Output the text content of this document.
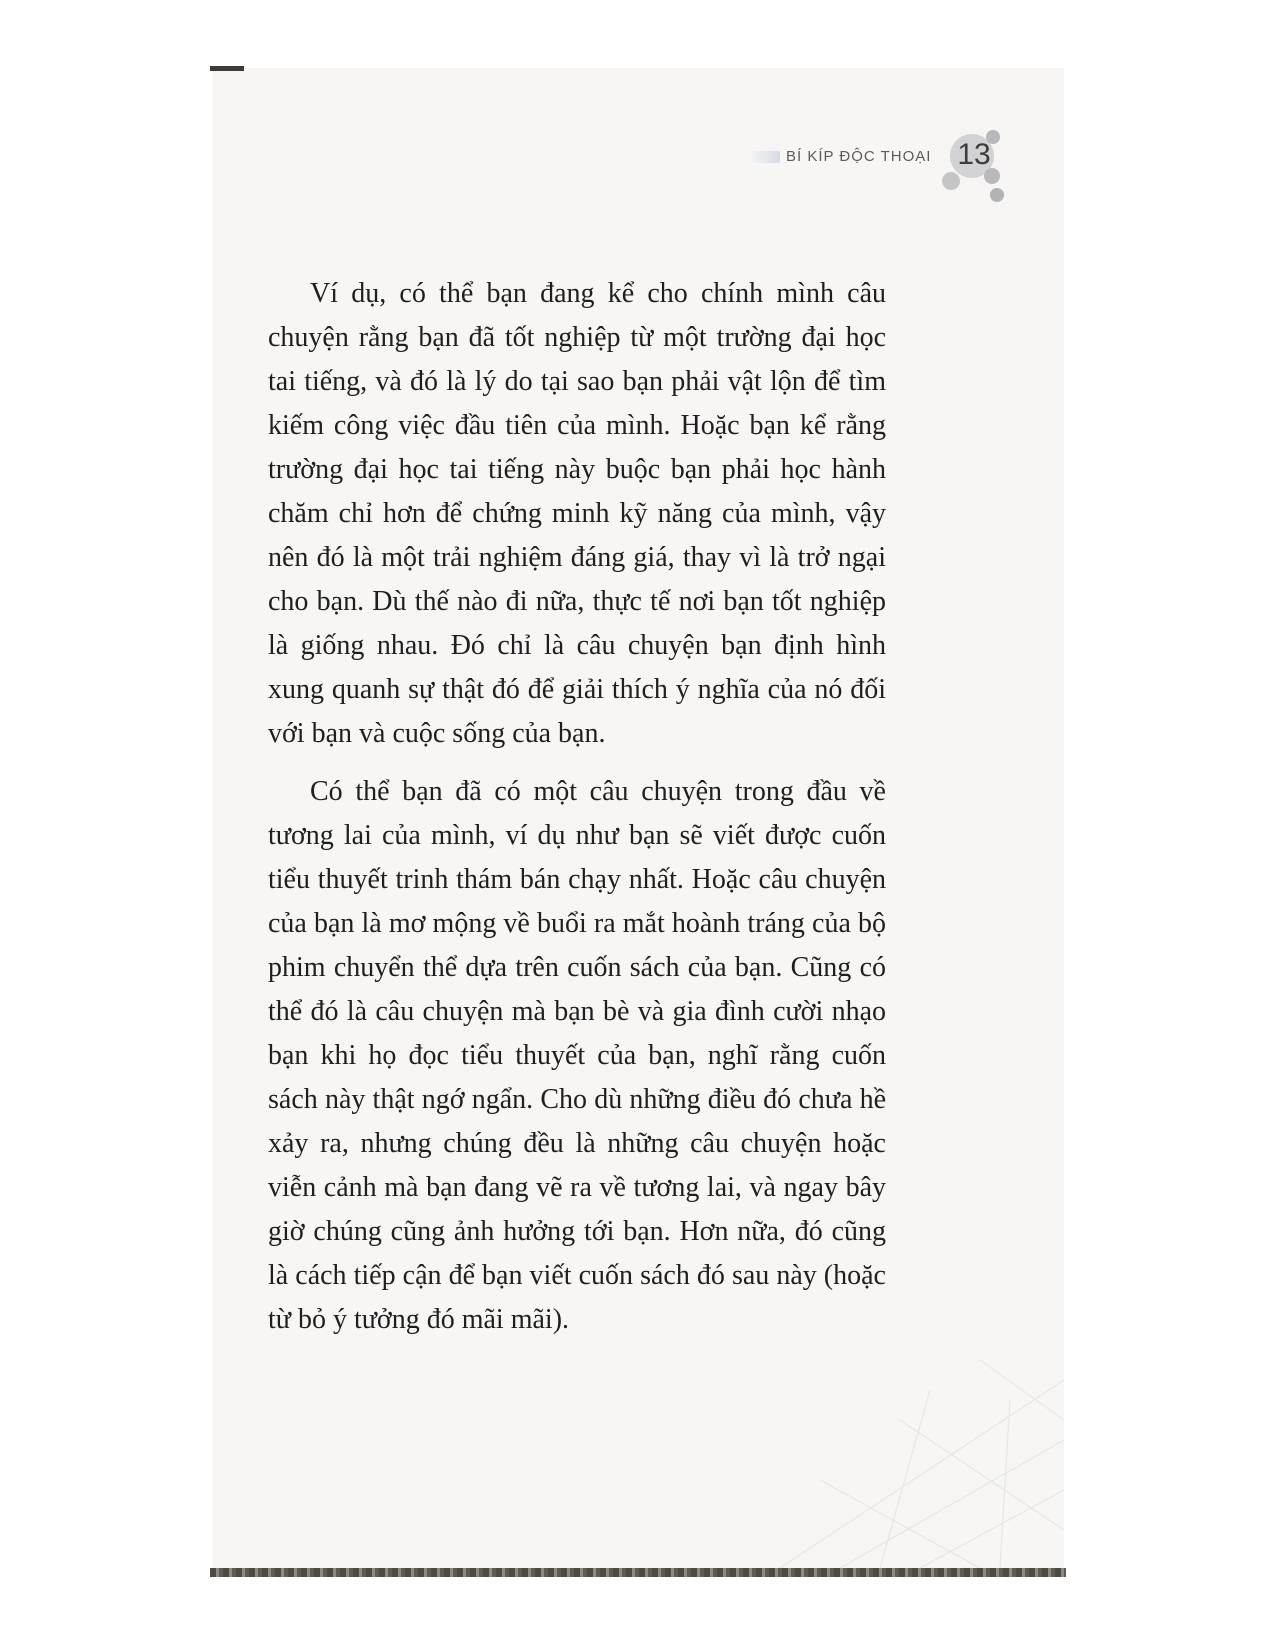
BÍ KÍP ĐỘC THOẠI 13

Ví dụ, có thể bạn đang kể cho chính mình câu chuyện rằng bạn đã tốt nghiệp từ một trường đại học tai tiếng, và đó là lý do tại sao bạn phải vật lộn để tìm kiếm công việc đầu tiên của mình. Hoặc bạn kể rằng trường đại học tai tiếng này buộc bạn phải học hành chăm chỉ hơn để chứng minh kỹ năng của mình, vậy nên đó là một trải nghiệm đáng giá, thay vì là trở ngại cho bạn. Dù thế nào đi nữa, thực tế nơi bạn tốt nghiệp là giống nhau. Đó chỉ là câu chuyện bạn định hình xung quanh sự thật đó để giải thích ý nghĩa của nó đối với bạn và cuộc sống của bạn.

Có thể bạn đã có một câu chuyện trong đầu về tương lai của mình, ví dụ như bạn sẽ viết được cuốn tiểu thuyết trinh thám bán chạy nhất. Hoặc câu chuyện của bạn là mơ mộng về buổi ra mắt hoành tráng của bộ phim chuyển thể dựa trên cuốn sách của bạn. Cũng có thể đó là câu chuyện mà bạn bè và gia đình cười nhạo bạn khi họ đọc tiểu thuyết của bạn, nghĩ rằng cuốn sách này thật ngớ ngẩn. Cho dù những điều đó chưa hề xảy ra, nhưng chúng đều là những câu chuyện hoặc viễn cảnh mà bạn đang vẽ ra về tương lai, và ngay bây giờ chúng cũng ảnh hưởng tới bạn. Hơn nữa, đó cũng là cách tiếp cận để bạn viết cuốn sách đó sau này (hoặc từ bỏ ý tưởng đó mãi mãi).
